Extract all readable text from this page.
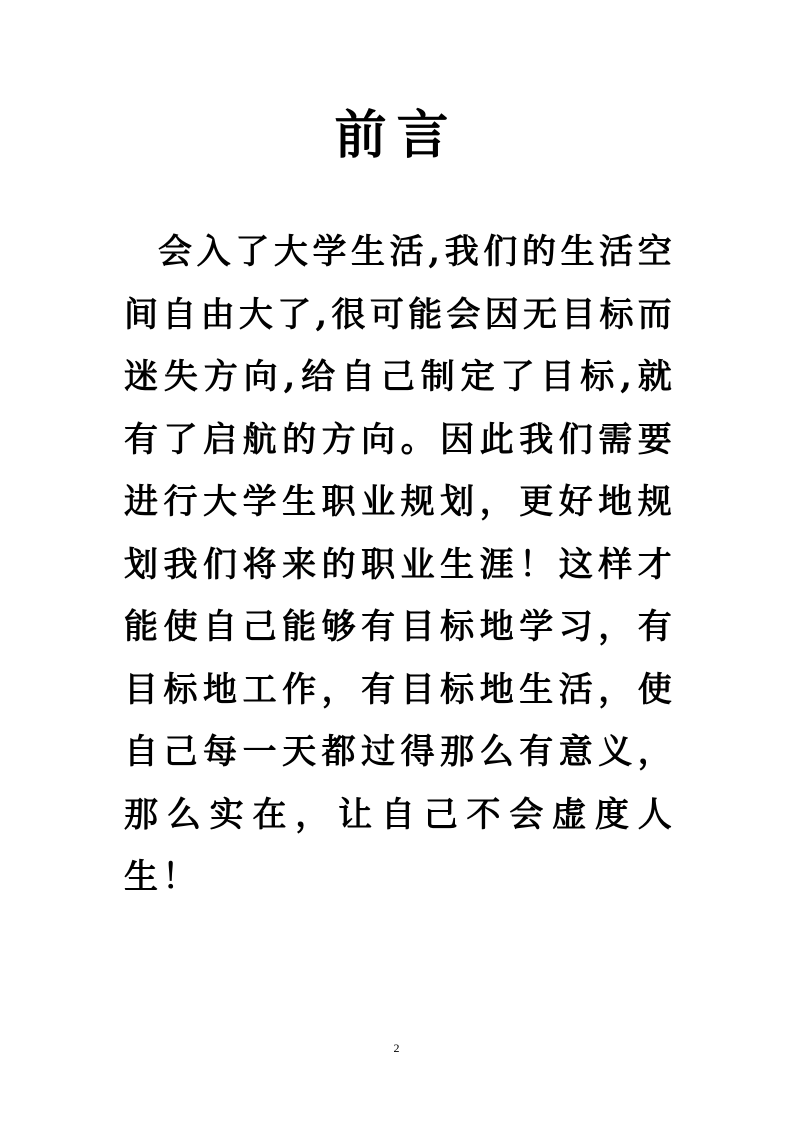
前言

会入了大学生活,我们的生活空间自由大了,很可能会因无目标而迷失方向,给自己制定了目标,就有了启航的方向。因此我们需要进行大学生职业规划，更好地规划我们将来的职业生涯！这样才能使自己能够有目标地学习，有目标地工作，有目标地生活，使自己每一天都过得那么有意义，那么实在，让自己不会虚度人生！

2
